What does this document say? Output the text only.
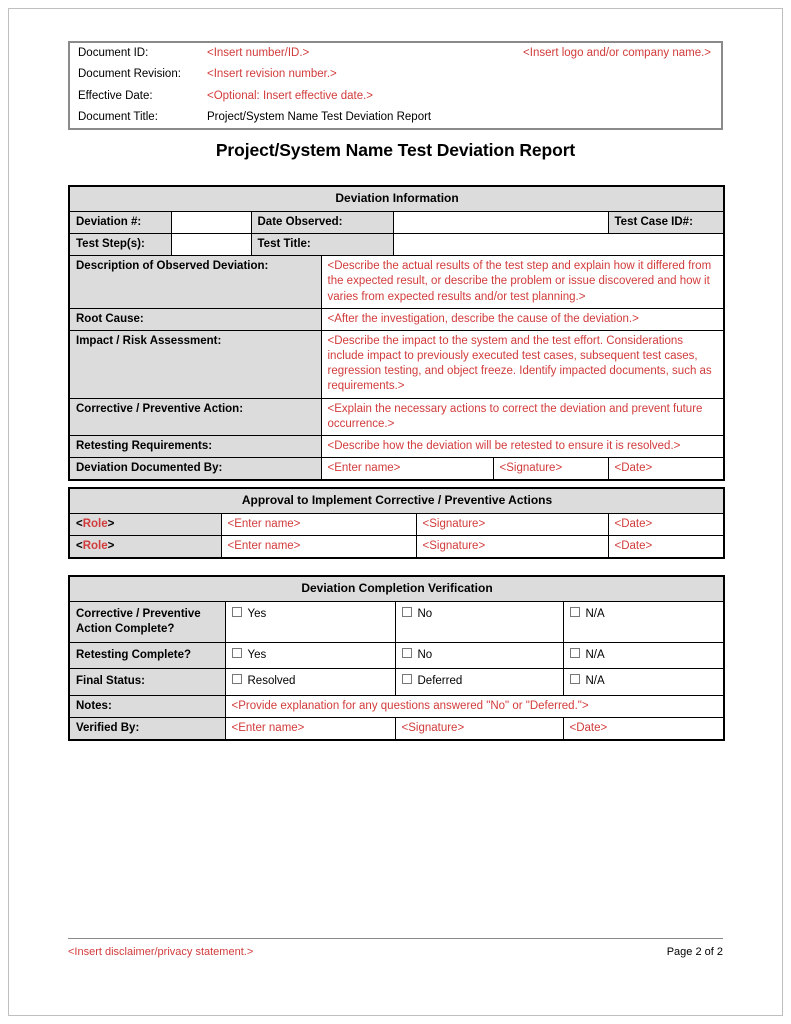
Document ID:	<Insert number/ID.>	<Insert logo and/or company name.>
Document Revision:	<Insert revision number.>	
Effective Date:	<Optional: Insert effective date.>	
Document Title:	Project/System Name Test Deviation Report	
Project/System Name Test Deviation Report
Deviation Information						
Deviation #:		Date Observed:				Test Case ID#:
Test Step(s):		Test Title:				
Description of Observed Deviation:			<Describe the actual results of the test step and explain how it differed from the expected result, or describe the problem or issue discovered and how it varies from expected results and/or test planning.>			
Root Cause:			<After the investigation, describe the cause of the deviation.>			
Impact / Risk Assessment:			<Describe the impact to the system and the test effort. Considerations include impact to previously executed test cases, subsequent test cases, regression testing, and object freeze. Identify impacted documents, such as requirements.>			
Corrective / Preventive Action:			<Explain the necessary actions to correct the deviation and prevent future occurrence.>			
Retesting Requirements:			<Describe how the deviation will be retested to ensure it is resolved.>			
Deviation Documented By:			<Enter name>		<Signature>	<Date>
Approval to Implement Corrective / Preventive Actions			
<Role>	<Enter name>	<Signature>	<Date>
<Role>	<Enter name>	<Signature>	<Date>
Deviation Completion Verification			
Corrective / Preventive Action Complete?	Yes	No	N/A
Retesting Complete?	Yes	No	N/A
Final Status:	Resolved	Deferred	N/A
Notes:	<Provide explanation for any questions answered "No" or "Deferred.">		
Verified By:	<Enter name>	<Signature>	<Date>
<Insert disclaimer/privacy statement.>	Page 2 of 2
